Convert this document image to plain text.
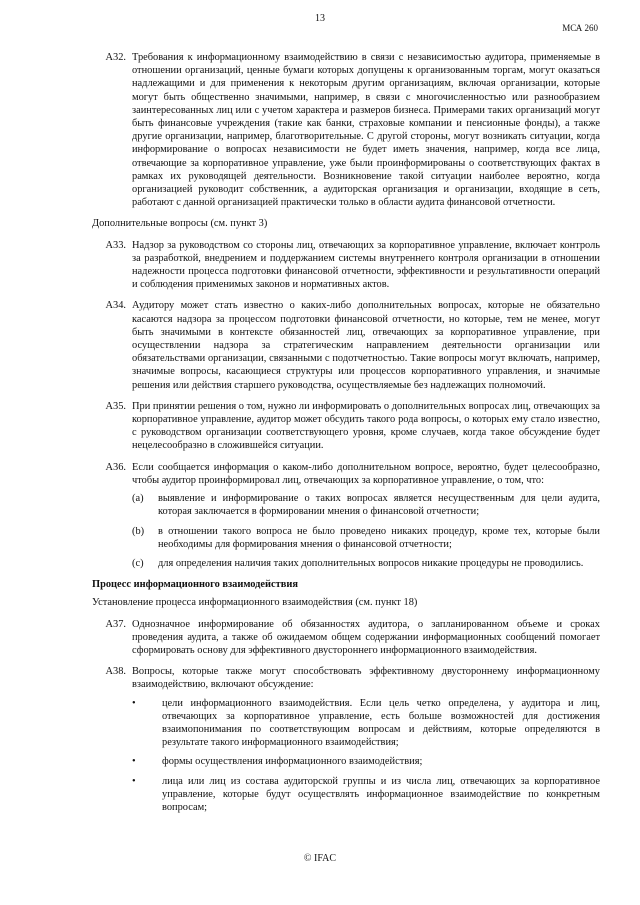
13
МСА 260
А32. Требования к информационному взаимодействию в связи с независимостью аудитора, применяемые в отношении организаций, ценные бумаги которых допущены к организованным торгам, могут оказаться надлежащими и для применения к некоторым другим организациям, включая организации, которые могут быть общественно значимыми, например, в связи с многочисленностью или разнообразием заинтересованных лиц или с учетом характера и размеров бизнеса. Примерами таких организаций могут быть финансовые учреждения (такие как банки, страховые компании и пенсионные фонды), а также другие организации, например, благотворительные. С другой стороны, могут возникать ситуации, когда информирование о вопросах независимости не будет иметь значения, например, когда все лица, отвечающие за корпоративное управление, уже были проинформированы о соответствующих фактах в рамках их руководящей деятельности. Возникновение такой ситуации наиболее вероятно, когда организацией руководит собственник, а аудиторская организация и организации, входящие в сеть, работают с данной организацией практически только в области аудита финансовой отчетности.
Дополнительные вопросы (см. пункт 3)
А33. Надзор за руководством со стороны лиц, отвечающих за корпоративное управление, включает контроль за разработкой, внедрением и поддержанием системы внутреннего контроля организации в отношении надежности процесса подготовки финансовой отчетности, эффективности и результативности операций и соблюдения применимых законов и нормативных актов.
А34. Аудитору может стать известно о каких-либо дополнительных вопросах, которые не обязательно касаются надзора за процессом подготовки финансовой отчетности, но которые, тем не менее, могут быть значимыми в контексте обязанностей лиц, отвечающих за корпоративное управление, при осуществлении надзора за стратегическим направлением деятельности организации или обязательствами организации, связанными с подотчетностью. Такие вопросы могут включать, например, значимые вопросы, касающиеся структуры или процессов корпоративного управления, и значимые решения или действия старшего руководства, осуществляемые без надлежащих полномочий.
А35. При принятии решения о том, нужно ли информировать о дополнительных вопросах лиц, отвечающих за корпоративное управление, аудитор может обсудить такого рода вопросы, о которых ему стало известно, с руководством организации соответствующего уровня, кроме случаев, когда такое обсуждение будет нецелесообразно в сложившейся ситуации.
А36. Если сообщается информация о каком-либо дополнительном вопросе, вероятно, будет целесообразно, чтобы аудитор проинформировал лиц, отвечающих за корпоративное управление, о том, что:
(a)	выявление и информирование о таких вопросах является несущественным для цели аудита, которая заключается в формировании мнения о финансовой отчетности;
(b)	в отношении такого вопроса не было проведено никаких процедур, кроме тех, которые были необходимы для формирования мнения о финансовой отчетности;
(c)	для определения наличия таких дополнительных вопросов никакие процедуры не проводились.
Процесс информационного взаимодействия
Установление процесса информационного взаимодействия (см. пункт 18)
А37. Однозначное информирование об обязанностях аудитора, о запланированном объеме и сроках проведения аудита, а также об ожидаемом общем содержании информационных сообщений помогает сформировать основу для эффективного двустороннего информационного взаимодействия.
А38. Вопросы, которые также могут способствовать эффективному двустороннему информационному взаимодействию, включают обсуждение:
•
цели информационного взаимодействия. Если цель четко определена, у аудитора и лиц, отвечающих за корпоративное управление, есть больше возможностей для достижения взаимопонимания по соответствующим вопросам и действиям, которые определяются в результате такого информационного взаимодействия;
•
формы осуществления информационного взаимодействия;
•
лица или лиц из состава аудиторской группы и из числа лиц, отвечающих за корпоративное управление, которые будут осуществлять информационное взаимодействие по конкретным вопросам;
© IFAC
